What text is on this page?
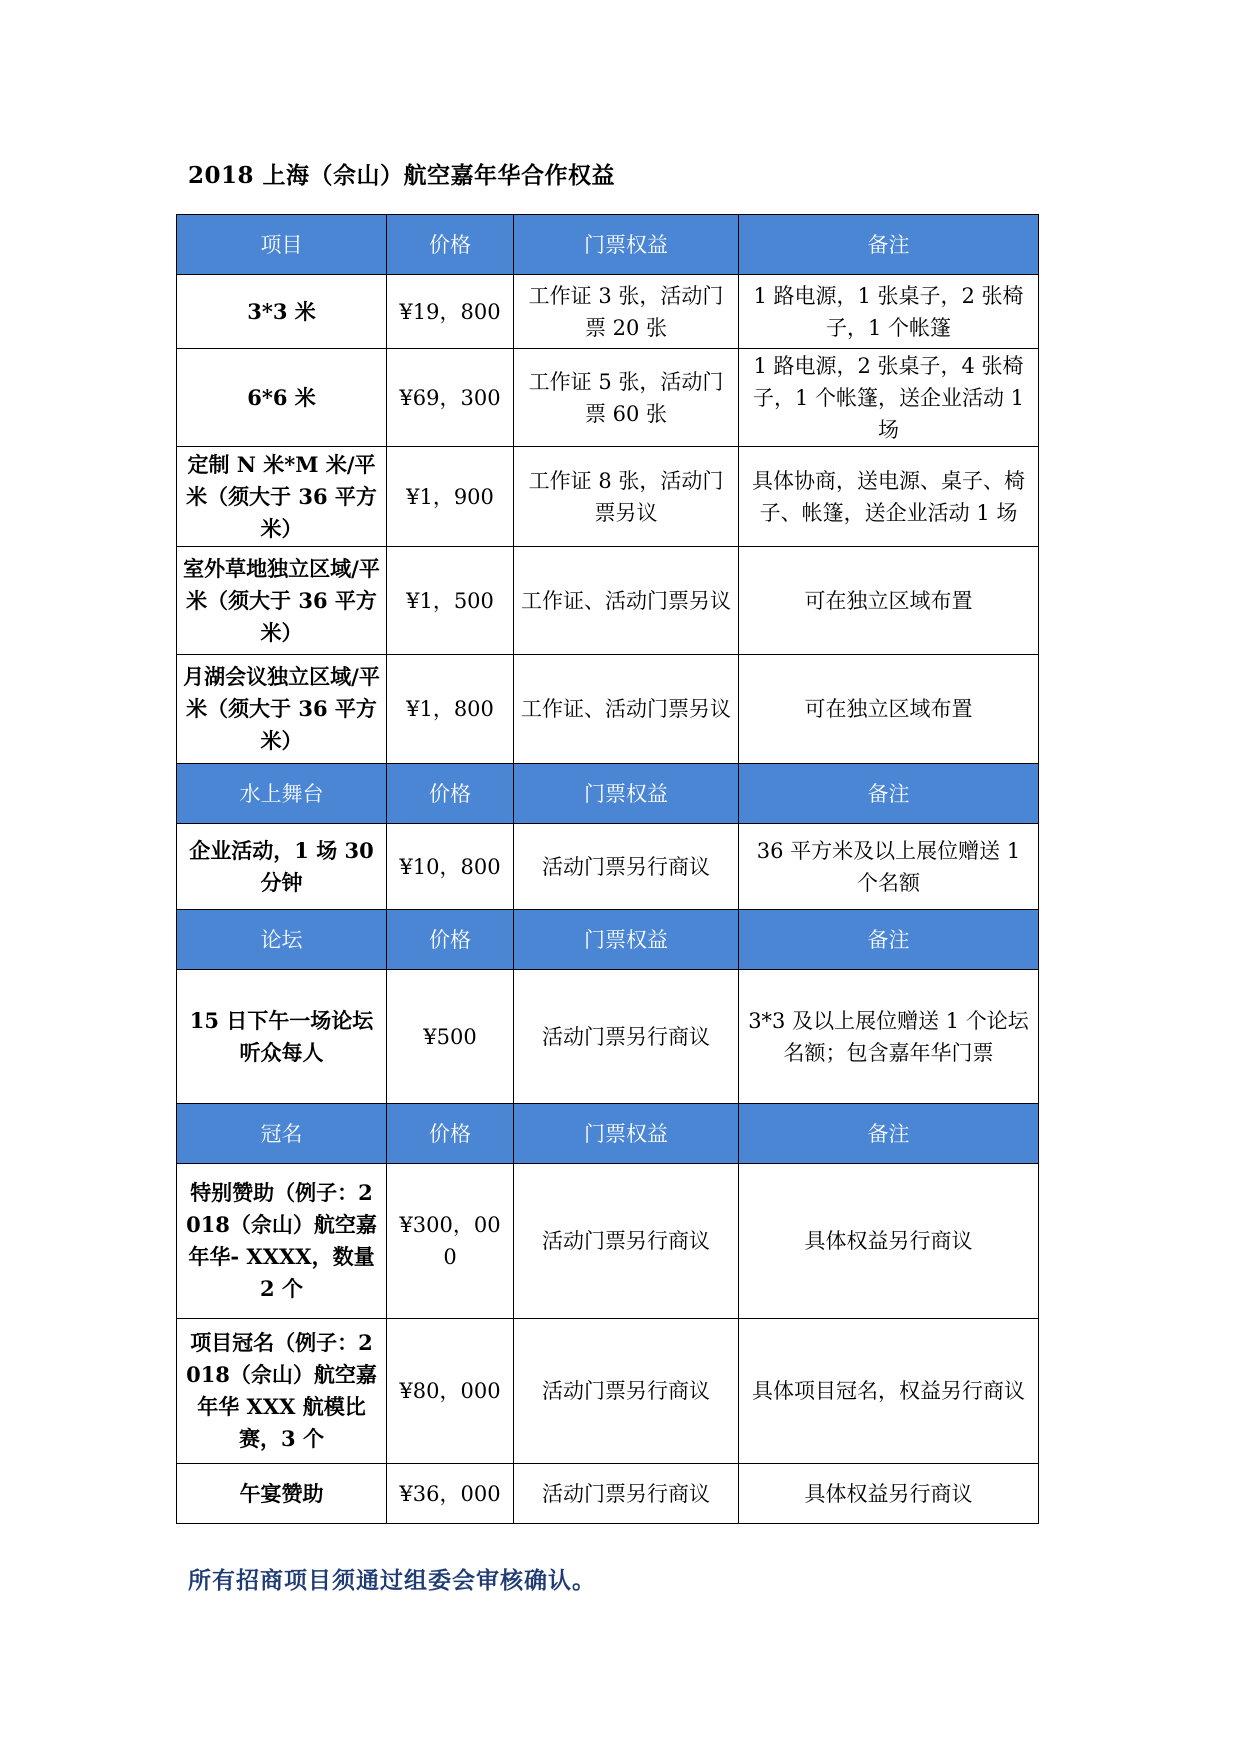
2018 上海（佘山）航空嘉年华合作权益
项目	价格	门票权益	备注
3*3 米	¥19，800	工作证 3 张，活动门票 20 张	1 路电源，1 张桌子，2 张椅子，1 个帐篷
6*6 米	¥69，300	工作证 5 张，活动门票 60 张	1 路电源，2 张桌子，4 张椅子，1 个帐篷，送企业活动 1 场
定制 N 米*M 米/平米（须大于 36 平方米）	¥1，900	工作证 8 张，活动门票另议	具体协商，送电源、桌子、椅子、帐篷，送企业活动 1 场
室外草地独立区域/平米（须大于 36 平方米）	¥1，500	工作证、活动门票另议	可在独立区域布置
月湖会议独立区域/平米（须大于 36 平方米）	¥1，800	工作证、活动门票另议	可在独立区域布置
水上舞台	价格	门票权益	备注
企业活动，1 场 30 分钟	¥10，800	活动门票另行商议	36 平方米及以上展位赠送 1 个名额
论坛	价格	门票权益	备注
15 日下午一场论坛听众每人	¥500	活动门票另行商议	3*3 及以上展位赠送 1 个论坛名额；包含嘉年华门票
冠名	价格	门票权益	备注
特别赞助（例子：2018（佘山）航空嘉年华- XXXX，数量 2 个	¥300，000	活动门票另行商议	具体权益另行商议
项目冠名（例子：2018（佘山）航空嘉年华 XXX 航模比赛，3 个	¥80，000	活动门票另行商议	具体项目冠名，权益另行商议
午宴赞助	¥36，000	活动门票另行商议	具体权益另行商议
所有招商项目须通过组委会审核确认。
